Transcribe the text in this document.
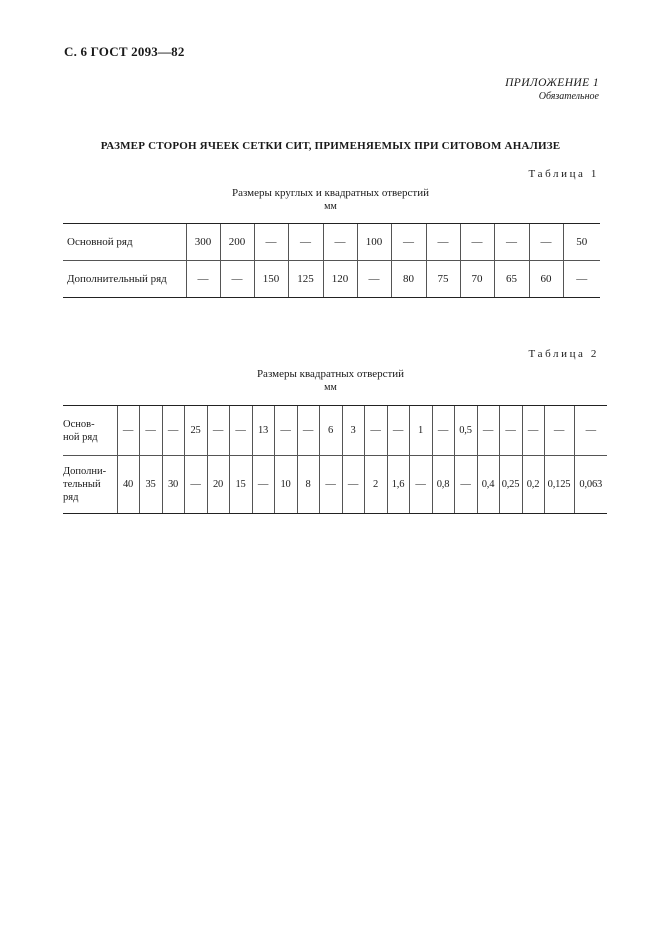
С. 6 ГОСТ 2093—82
ПРИЛОЖЕНИЕ 1
Обязательное
РАЗМЕР СТОРОН ЯЧЕЕК СЕТКИ СИТ, ПРИМЕНЯЕМЫХ ПРИ СИТОВОМ АНАЛИЗЕ
Таблица 1
Размеры круглых и квадратных отверстий
мм
Основной ряд	300	200	—	—	—	100	—	—	—	—	—	50
Дополнительный ряд	—	—	150	125	120	—	80	75	70	65	60	—
Таблица 2
Размеры квадратных отверстий
мм
Основ-
ной ряд	—	—	—	25	—	—	13	—	—	6	3	—	—	1	—	0,5	—	—	—	—	—

Дополни-
тельный
ряд	40	35	30	—	20	15	—	10	8	—	—	2	1,6	—	0,8	—	0,4	0,25	0,2	0,125	0,063
